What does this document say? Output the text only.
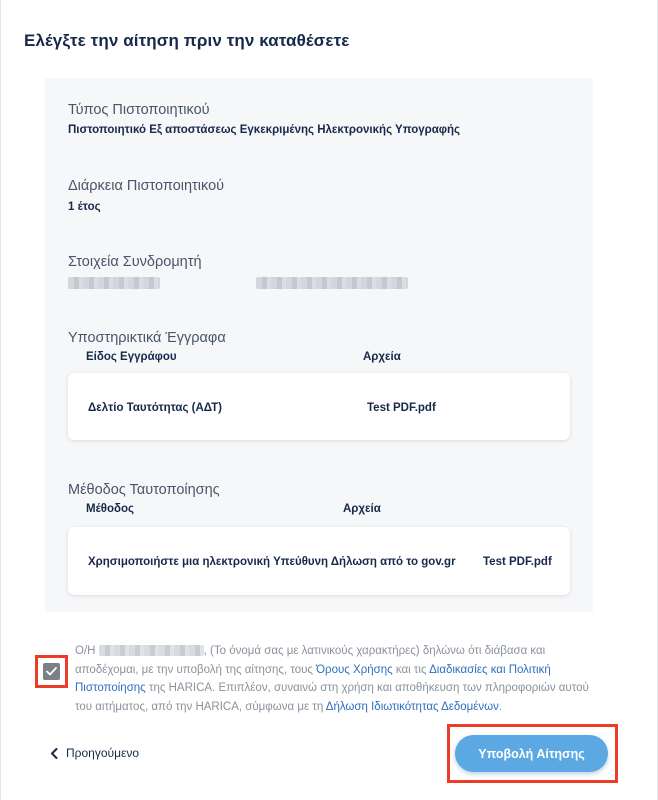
Ελέγξτε την αίτηση πριν την καταθέσετε
Τύπος Πιστοποιητικού
Πιστοποιητικό Εξ αποστάσεως Εγκεκριμένης Ηλεκτρονικής Υπογραφής
Διάρκεια Πιστοποιητικού
1 έτος
Στοιχεία Συνδρομητή
Υποστηρικτικά Έγγραφα
Είδος Εγγράφου	Αρχεία
Δελτίο Ταυτότητας (ΑΔΤ)	Test PDF.pdf
Μέθοδος Ταυτοποίησης
Μέθοδος	Αρχεία
Χρησιμοποιήστε μια ηλεκτρονική Υπεύθυνη Δήλωση από το gov.gr Test PDF.pdf
Ο/Η	, (Το όνομά σας με λατινικούς χαρακτήρες) δηλώνω ότι διάβασα και αποδέχομαι, με την υποβολή της αίτησης, τους Όρους Χρήσης και τις Διαδικασίες και Πολιτική Πιστοποίησης της HARICA. Επιπλέον, συναινώ στη χρήση και αποθήκευση των πληροφοριών αυτού του αιτήματος, από την HARICA, σύμφωνα με τη Δήλωση Ιδιωτικότητας Δεδομένων.
Προηγούμενο	Υποβολή Αίτησης
